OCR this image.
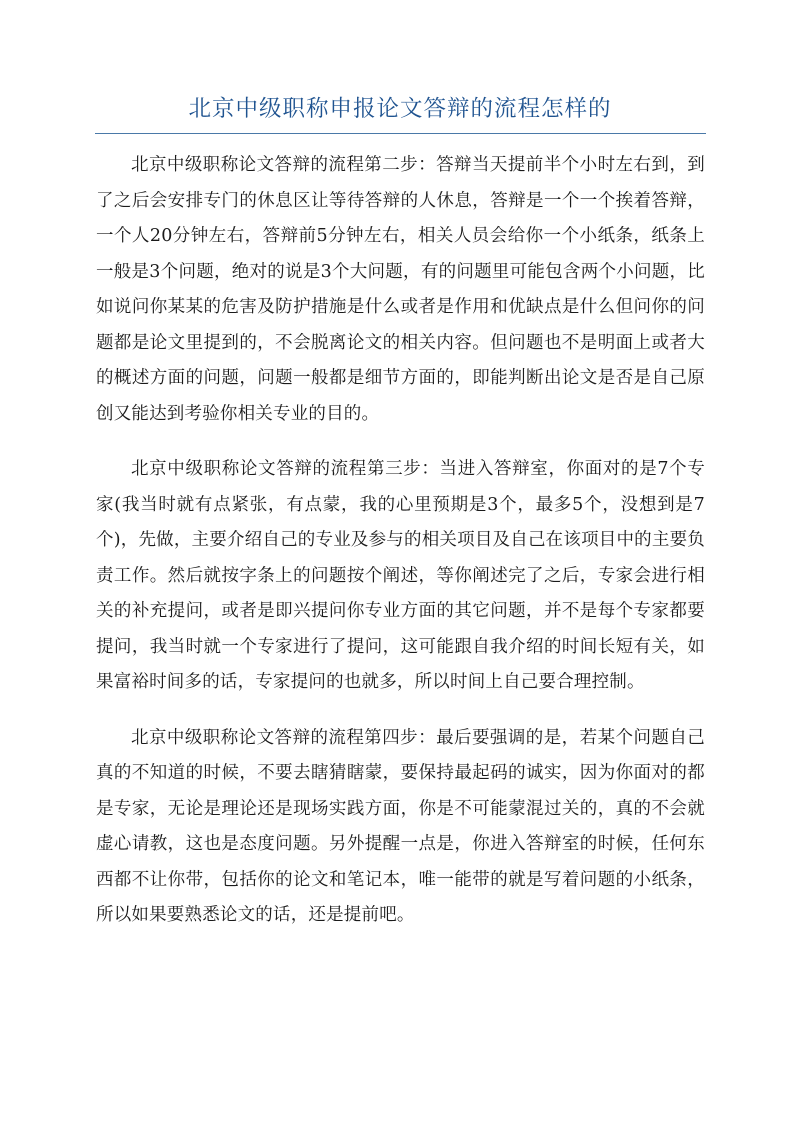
北京中级职称申报论文答辩的流程怎样的

北京中级职称论文答辩的流程第二步：答辩当天提前半个小时左右到，到了之后会安排专门的休息区让等待答辩的人休息，答辩是一个一个挨着答辩，一个人20分钟左右，答辩前5分钟左右，相关人员会给你一个小纸条，纸条上一般是3个问题，绝对的说是3个大问题，有的问题里可能包含两个小问题，比如说问你某某的危害及防护措施是什么或者是作用和优缺点是什么但问你的问题都是论文里提到的，不会脱离论文的相关内容。但问题也不是明面上或者大的概述方面的问题，问题一般都是细节方面的，即能判断出论文是否是自己原创又能达到考验你相关专业的目的。

北京中级职称论文答辩的流程第三步：当进入答辩室，你面对的是7个专家(我当时就有点紧张，有点蒙，我的心里预期是3个，最多5个，没想到是7个)，先做，主要介绍自己的专业及参与的相关项目及自己在该项目中的主要负责工作。然后就按字条上的问题按个阐述，等你阐述完了之后，专家会进行相关的补充提问，或者是即兴提问你专业方面的其它问题，并不是每个专家都要提问，我当时就一个专家进行了提问，这可能跟自我介绍的时间长短有关，如果富裕时间多的话，专家提问的也就多，所以时间上自己要合理控制。

北京中级职称论文答辩的流程第四步：最后要强调的是，若某个问题自己真的不知道的时候，不要去瞎猜瞎蒙，要保持最起码的诚实，因为你面对的都是专家，无论是理论还是现场实践方面，你是不可能蒙混过关的，真的不会就虚心请教，这也是态度问题。另外提醒一点是，你进入答辩室的时候，任何东西都不让你带，包括你的论文和笔记本，唯一能带的就是写着问题的小纸条，所以如果要熟悉论文的话，还是提前吧。
